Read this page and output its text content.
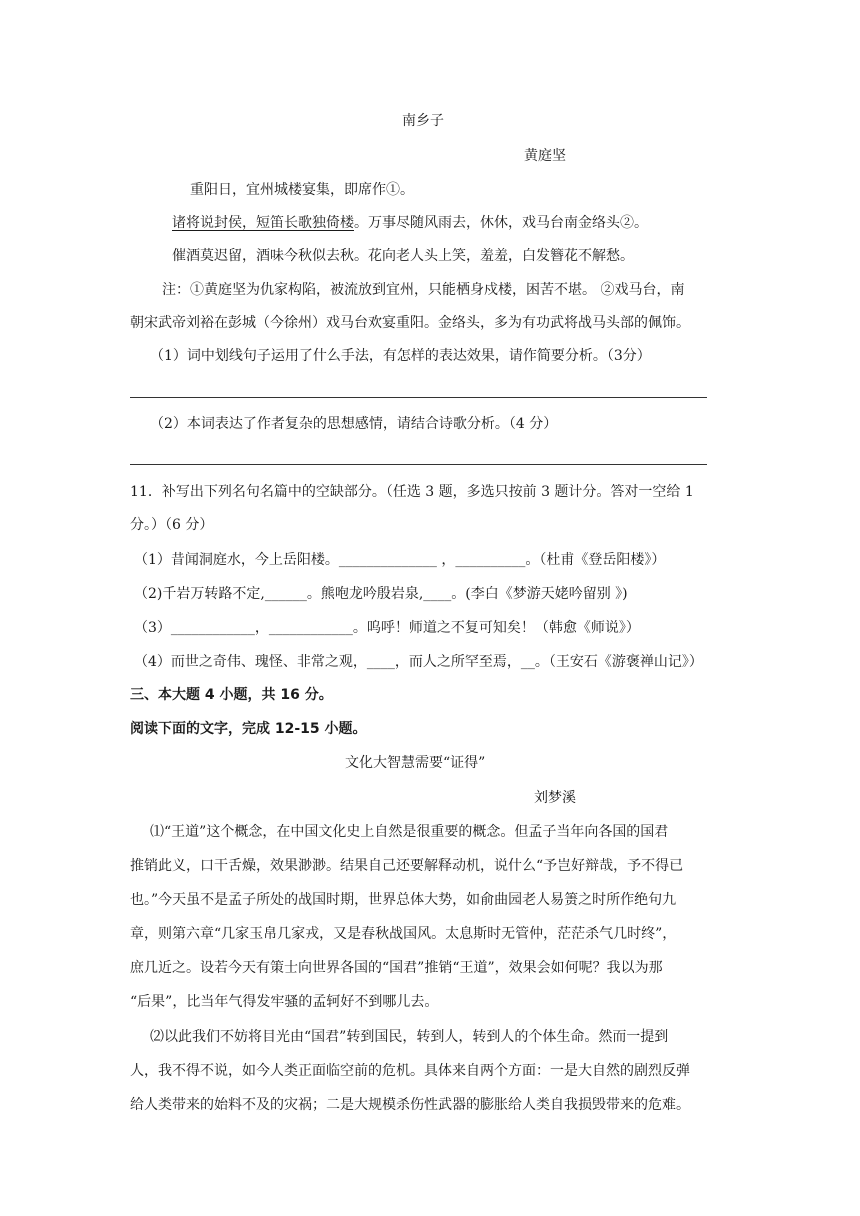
南乡子
黄庭坚
重阳日，宜州城楼宴集，即席作①。
诸将说封侯，短笛长歌独倚楼。万事尽随风雨去，休休，戏马台南金络头②。
催酒莫迟留，酒味今秋似去秋。花向老人头上笑，羞羞，白发簪花不解愁。
注：①黄庭坚为仇家构陷，被流放到宜州，只能栖身戍楼，困苦不堪。 ②戏马台，南
朝宋武帝刘裕在彭城（今徐州）戏马台欢宴重阳。金络头，多为有功武将战马头部的佩饰。
（1）词中划线句子运用了什么手法，有怎样的表达效果，请作简要分析。（3分）
（2）本词表达了作者复杂的思想感情，请结合诗歌分析。（4 分）
11．补写出下列名句名篇中的空缺部分。（任选 3 题，多选只按前 3 题计分。答对一空给 1
分。）（6 分）
（1）昔闻洞庭水，今上岳阳楼。______________ ，__________。（杜甫《登岳阳楼》）
（2)千岩万转路不定,______。熊咆龙吟殷岩泉,____。(李白《梦游天姥吟留别 》)
（3）____________，____________。呜呼！师道之不复可知矣！（韩愈《师说》）
（4）而世之奇伟、瑰怪、非常之观，____，而人之所罕至焉，__。（王安石《游褒禅山记》）
三、本大题 4 小题，共 16 分。
阅读下面的文字，完成 12-15 小题。
文化大智慧需要“证得”
刘梦溪
⑴“王道”这个概念，在中国文化史上自然是很重要的概念。但孟子当年向各国的国君
推销此义，口干舌燥，效果渺渺。结果自己还要解释动机，说什么“予岂好辩哉，予不得已
也。”今天虽不是孟子所处的战国时期，世界总体大势，如俞曲园老人易箦之时所作绝句九
章，则第六章“几家玉帛几家戎，又是春秋战国风。太息斯时无管仲，茫茫杀气几时终”，
庶几近之。设若今天有策士向世界各国的“国君”推销“王道”，效果会如何呢？我以为那
“后果”，比当年气得发牢骚的孟轲好不到哪儿去。
⑵以此我们不妨将目光由“国君”转到国民，转到人，转到人的个体生命。然而一提到
人，我不得不说，如今人类正面临空前的危机。具体来自两个方面：一是大自然的剧烈反弹
给人类带来的始料不及的灾祸；二是大规模杀伤性武器的膨胀给人类自我损毁带来的危难。
